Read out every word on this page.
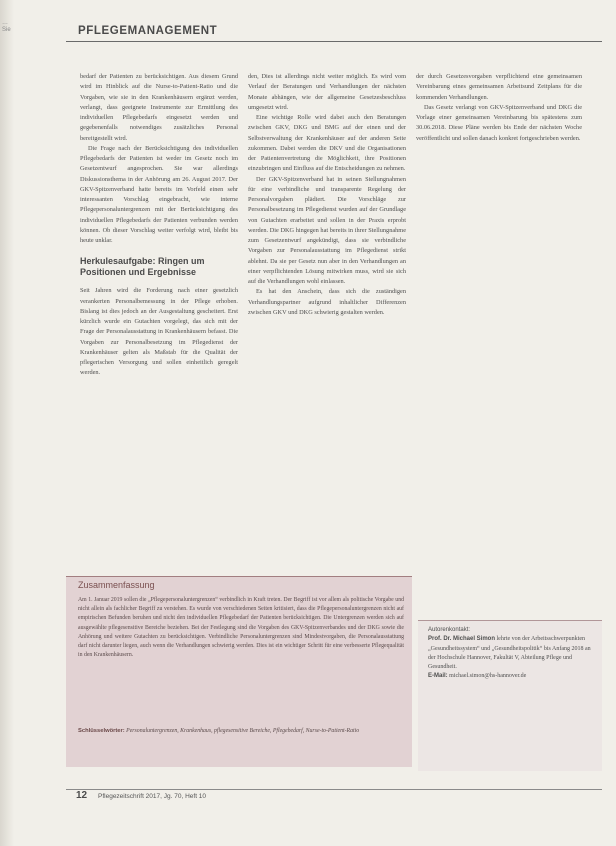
… Sie	PFLEGEMANAGEMENT

bedarf der Patienten zu berücksichtigen. Aus diesem Grund wird im Hinblick auf die Nurse-to-Patient-Ratio und die Vorgaben, wie sie in den Krankenhäusern ergänzt werden, verlangt, dass geeignete Instrumente zur Ermittlung des individuellen Pflegebedarfs eingesetzt werden und gegebenenfalls notwendiges zusätzliches Personal bereitgestellt wird.

Die Frage nach der Berücksichtigung des individuellen Pflegebedarfs der Patienten ist weder im Gesetz noch im Gesetzentwurf angesprochen. Sie war allerdings Diskussionsthema in der Anhörung am 26. August 2017. Der GKV-Spitzenverband hatte bereits im Vorfeld einen sehr interessanten Vorschlag eingebracht, wie interne Pflegepersonaluntergrenzen mit der Berücksichtigung des individuellen Pflegebedarfs der Patienten verbunden werden können. Ob dieser Vorschlag weiter verfolgt wird, bleibt bis heute unklar.

Herkulesaufgabe: Ringen um Positionen und Ergebnisse

Seit Jahren wird die Forderung nach einer gesetzlich verankerten Personalbemessung in der Pflege erhoben. Bislang ist dies jedoch an der Ausgestaltung gescheitert. Erst kürzlich wurde ein Gutachten vorgelegt, das sich mit der Frage der Personalausstattung in Krankenhäusern befasst. Die Vorgaben zur Personalbesetzung im Pflegedienst der Krankenhäuser gelten als Maßstab für die Qualität der pflegerischen Versorgung und sollen einheitlich geregelt werden.

den, Dies ist allerdings nicht weiter möglich. Es wird vom Verlauf der Beratungen und Verhandlungen der nächsten Monate abhängen, wie der allgemeine Gesetzesbeschluss umgesetzt wird.

Eine wichtige Rolle wird dabei auch den Beratungen zwischen GKV, DKG und BMG auf der einen und der Selbstverwaltung der Krankenhäuser auf der anderen Seite zukommen. Dabei werden die DKV und die Organisationen der Patientenvertretung die Möglichkeit, ihre Positionen einzubringen und Einfluss auf die Entscheidungen zu nehmen.

Der GKV-Spitzenverband hat in seinen Stellungnahmen für eine verbindliche und transparente Regelung der Personalvorgaben plädiert. Die Vorschläge zur Personalbesetzung im Pflegedienst wurden auf der Grundlage von Gutachten erarbeitet und sollen in der Praxis erprobt werden. Die DKG hingegen hat bereits in ihrer Stellungnahme zum Gesetzentwurf angekündigt, dass sie verbindliche Vorgaben zur Personalausstattung im Pflegedienst strikt ablehnt. Da sie per Gesetz nun aber in den Verhandlungen an einer verpflichtenden Lösung mitwirken muss, wird sie sich auf die Verhandlungen wohl einlassen.

Es hat den Anschein, dass sich die zuständigen Verhandlungspartner aufgrund inhaltlicher Differenzen zwischen GKV und DKG schwierig gestalten werden.

der durch Gesetzesvorgaben verpflichtend eine gemeinsamen Vereinbarung eines gemeinsamen Arbeitsund Zeitplans für die kommenden Verhandlungen.

Das Gesetz verlangt von GKV-Spitzenverband und DKG die Vorlage einer gemeinsamen Vereinbarung bis spätestens zum 30.06.2018. Diese Pläne werden bis Ende der nächsten Woche veröffentlicht und sollen danach konkret fortgeschrieben werden.

Zusammenfassung
Am 1. Januar 2019 sollen die „Pflegepersonaluntergrenzen“ verbindlich in Kraft treten. Der Begriff ist vor allem als politische Vorgabe und nicht allein als fachlicher Begriff zu verstehen. Es wurde von verschiedenen Seiten kritisiert, dass die Pflegepersonaluntergrenzen nicht auf empirischen Befunden beruhen und nicht den individuellen Pflegebedarf der Patienten berücksichtigen. Die Untergrenzen werden sich auf ausgewählte pflegesensitive Bereiche beziehen. Bei der Festlegung sind die Vorgaben des GKV-Spitzenverbandes und der DKG sowie die Anhörung und weitere Gutachten zu berücksichtigen. Verbindliche Personaluntergrenzen sind Mindestvorgaben, die Personalausstattung darf nicht darunter liegen, auch wenn die Verhandlungen schwierig werden. Dies ist ein wichtiger Schritt für eine verbesserte Pflegequalität in den Krankenhäusern.
Schlüsselwörter: Personaluntergrenzen, Krankenhaus, pflegesensitive Bereiche, Pflegebedarf, Nurse-to-Patient-Ratio
Autorenkontakt:
Prof. Dr. Michael Simon lehrte von der Arbeitsschwerpunkten „Gesundheitssystem“ und „Gesundheitspolitik“ bis Anfang 2018 an der Hochschule Hannover, Fakultät V, Abteilung Pflege und Gesundheit.
E-Mail: michael.simon@hs-hannover.de
12 Pflegezeitschrift 2017, Jg. 70, Heft 10
